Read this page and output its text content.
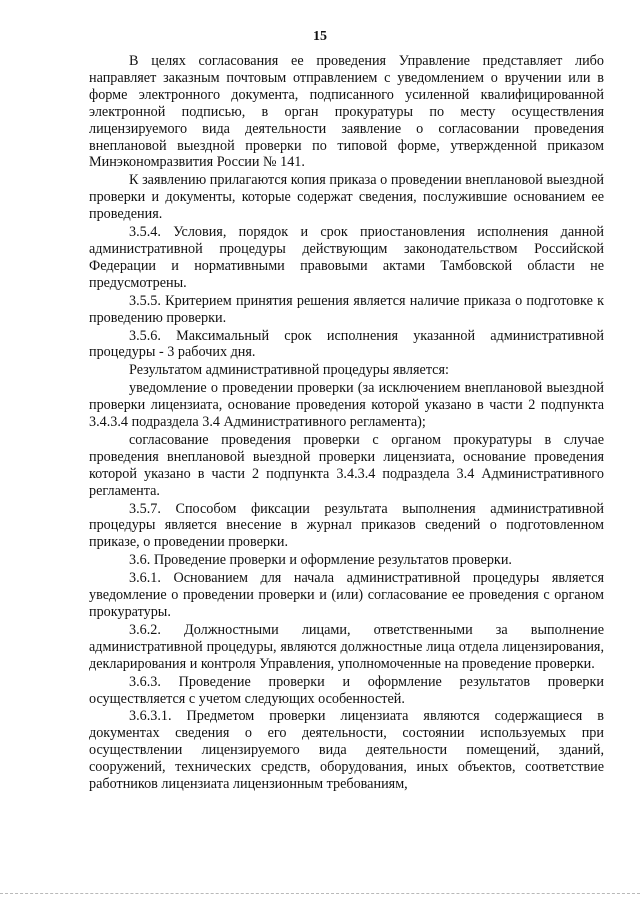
15

В целях согласования ее проведения Управление представляет либо направляет заказным почтовым отправлением с уведомлением о вручении или в форме электронного документа, подписанного усиленной квалифицированной электронной подписью, в орган прокуратуры по месту осуществления лицензируемого вида деятельности заявление о согласовании проведения внеплановой выездной проверки по типовой форме, утвержденной приказом Минэкономразвития России № 141.

К заявлению прилагаются копия приказа о проведении внеплановой выездной проверки и документы, которые содержат сведения, послужившие основанием ее проведения.

3.5.4. Условия, порядок и срок приостановления исполнения данной административной процедуры действующим законодательством Российской Федерации и нормативными правовыми актами Тамбовской области не предусмотрены.

3.5.5. Критерием принятия решения является наличие приказа о подготовке к проведению проверки.

3.5.6. Максимальный срок исполнения указанной административной процедуры - 3 рабочих дня.

Результатом административной процедуры является:

уведомление о проведении проверки (за исключением внеплановой выездной проверки лицензиата, основание проведения которой указано в части 2 подпункта 3.4.3.4 подраздела 3.4 Административного регламента);

согласование проведения проверки с органом прокуратуры в случае проведения внеплановой выездной проверки лицензиата, основание проведения которой указано в части 2 подпункта 3.4.3.4 подраздела 3.4 Административного регламента.

3.5.7. Способом фиксации результата выполнения административной процедуры является внесение в журнал приказов сведений о подготовленном приказе, о проведении проверки.

3.6. Проведение проверки и оформление результатов проверки.

3.6.1. Основанием для начала административной процедуры является уведомление о проведении проверки и (или) согласование ее проведения с органом прокуратуры.

3.6.2. Должностными лицами, ответственными за выполнение административной процедуры, являются должностные лица отдела лицензирования, декларирования и контроля Управления, уполномоченные на проведение проверки.

3.6.3. Проведение проверки и оформление результатов проверки осуществляется с учетом следующих особенностей.

3.6.3.1. Предметом проверки лицензиата являются содержащиеся в документах сведения о его деятельности, состоянии используемых при осуществлении лицензируемого вида деятельности помещений, зданий, сооружений, технических средств, оборудования, иных объектов, соответствие работников лицензиата лицензионным требованиям,
